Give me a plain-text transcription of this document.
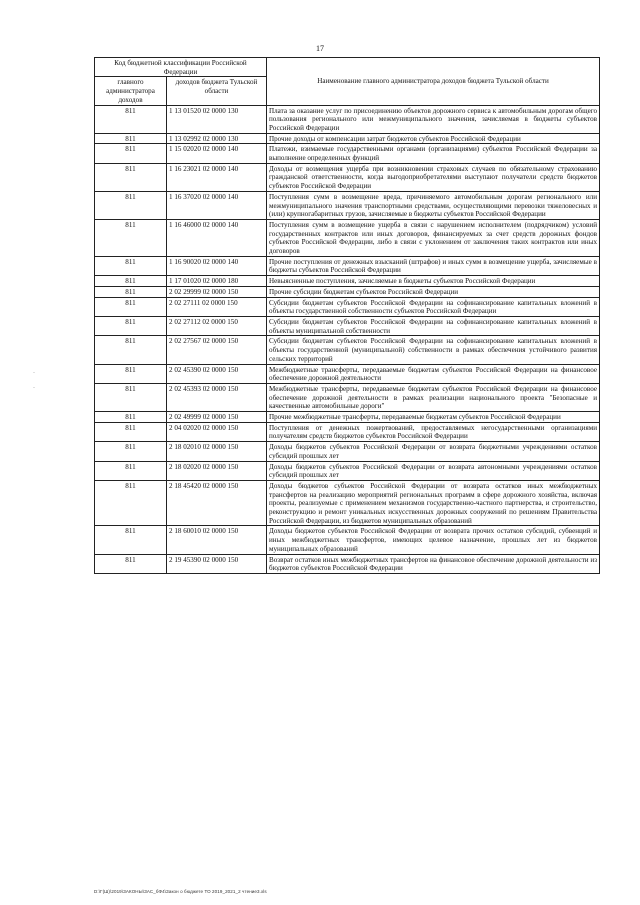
17
·
·
Код бюджетной классификации Российской Федерации		Наименование главного администратора доходов бюджета Тульской области
главного администратора доходов	доходов бюджета Тульской области	
811	1 13 01520 02 0000 130	Плата за оказание услуг по присоединению объектов дорожного сервиса к автомобильным дорогам общего пользования регионального или межмуниципального значения, зачисляемая в бюджеты субъектов Российской Федерации
811	1 13 02992 02 0000 130	Прочие доходы от компенсации затрат бюджетов субъектов Российской Федерации
811	1 15 02020 02 0000 140	Платежи, взимаемые государственными органами (организациями) субъектов Российской Федерации за выполнение определенных функций
811	1 16 23021 02 0000 140	Доходы от возмещения ущерба при возникновении страховых случаев по обязательному страхованию гражданской ответственности, когда выгодоприобретателями выступают получатели средств бюджетов субъектов Российской Федерации
811	1 16 37020 02 0000 140	Поступления сумм в возмещение вреда, причиняемого автомобильным дорогам регионального или межмуниципального значения транспортными средствами, осуществляющими перевозки тяжеловесных и (или) крупногабаритных грузов, зачисляемые в бюджеты субъектов Российской Федерации
811	1 16 46000 02 0000 140	Поступления сумм в возмещение ущерба в связи с нарушением исполнителем (подрядчиком) условий государственных контрактов или иных договоров, финансируемых за счет средств дорожных фондов субъектов Российской Федерации, либо в связи с уклонением от заключения таких контрактов или иных договоров
811	1 16 90020 02 0000 140	Прочие поступления от денежных взысканий (штрафов) и иных сумм в возмещение ущерба, зачисляемые в бюджеты субъектов Российской Федерации
811	1 17 01020 02 0000 180	Невыясненные поступления, зачисляемые в бюджеты субъектов Российской Федерации
811	2 02 29999 02 0000 150	Прочие субсидии бюджетам субъектов Российской Федерации
811	2 02 27111 02 0000 150	Субсидии бюджетам субъектов Российской Федерации на софинансирование капитальных вложений в объекты государственной собственности субъектов Российской Федерации
811	2 02 27112 02 0000 150	Субсидии бюджетам субъектов Российской Федерации на софинансирование капитальных вложений в объекты муниципальной собственности
811	2 02 27567 02 0000 150	Субсидии бюджетам субъектов Российской Федерации на софинансирование капитальных вложений в объекты государственной (муниципальной) собственности в рамках обеспечения устойчивого развития сельских территорий
811	2 02 45390 02 0000 150	Межбюджетные трансферты, передаваемые бюджетам субъектов Российской Федерации на финансовое обеспечение дорожной деятельности
811	2 02 45393 02 0000 150	Межбюджетные трансферты, передаваемые бюджетам субъектов Российской Федерации на финансовое обеспечение дорожной деятельности в рамках реализации национального проекта "Безопасные и качественные автомобильные дороги"
811	2 02 49999 02 0000 150	Прочие межбюджетные трансферты, передаваемые бюджетам субъектов Российской Федерации
811	2 04 02020 02 0000 150	Поступления от денежных пожертвований, предоставляемых негосударственными организациями получателям средств бюджетов субъектов Российской Федерации
811	2 18 02010 02 0000 150	Доходы бюджетов субъектов Российской Федерации от возврата бюджетными учреждениями остатков субсидий прошлых лет
811	2 18 02020 02 0000 150	Доходы бюджетов субъектов Российской Федерации от возврата автономными учреждениями остатков субсидий прошлых лет
811	2 18 45420 02 0000 150	Доходы бюджетов субъектов Российской Федерации от возврата остатков иных межбюджетных трансфертов на реализацию мероприятий региональных программ в сфере дорожного хозяйства, включая проекты, реализуемые с применением механизмов государственно-частного партнерства, и строительство, реконструкцию и ремонт уникальных искусственных дорожных сооружений по решениям Правительства Российской Федерации, из бюджетов муниципальных образований
811	2 18 60010 02 0000 150	Доходы бюджетов субъектов Российской Федерации от возврата прочих остатков субсидий, субвенций и иных межбюджетных трансфертов, имеющих целевое назначение, прошлых лет из бюджетов муниципальных образований
811	2 19 45390 02 0000 150	Возврат остатков иных межбюджетных трансфертов на финансовое обеспечение дорожной деятельности из бюджетов субъектов Российской Федерации
D:\Г(Ш)\2019\ЗАКОНЫ\ЗАС_бФ4\Закон о бюджете ТО 2019_2021_2 чтение3.xls
